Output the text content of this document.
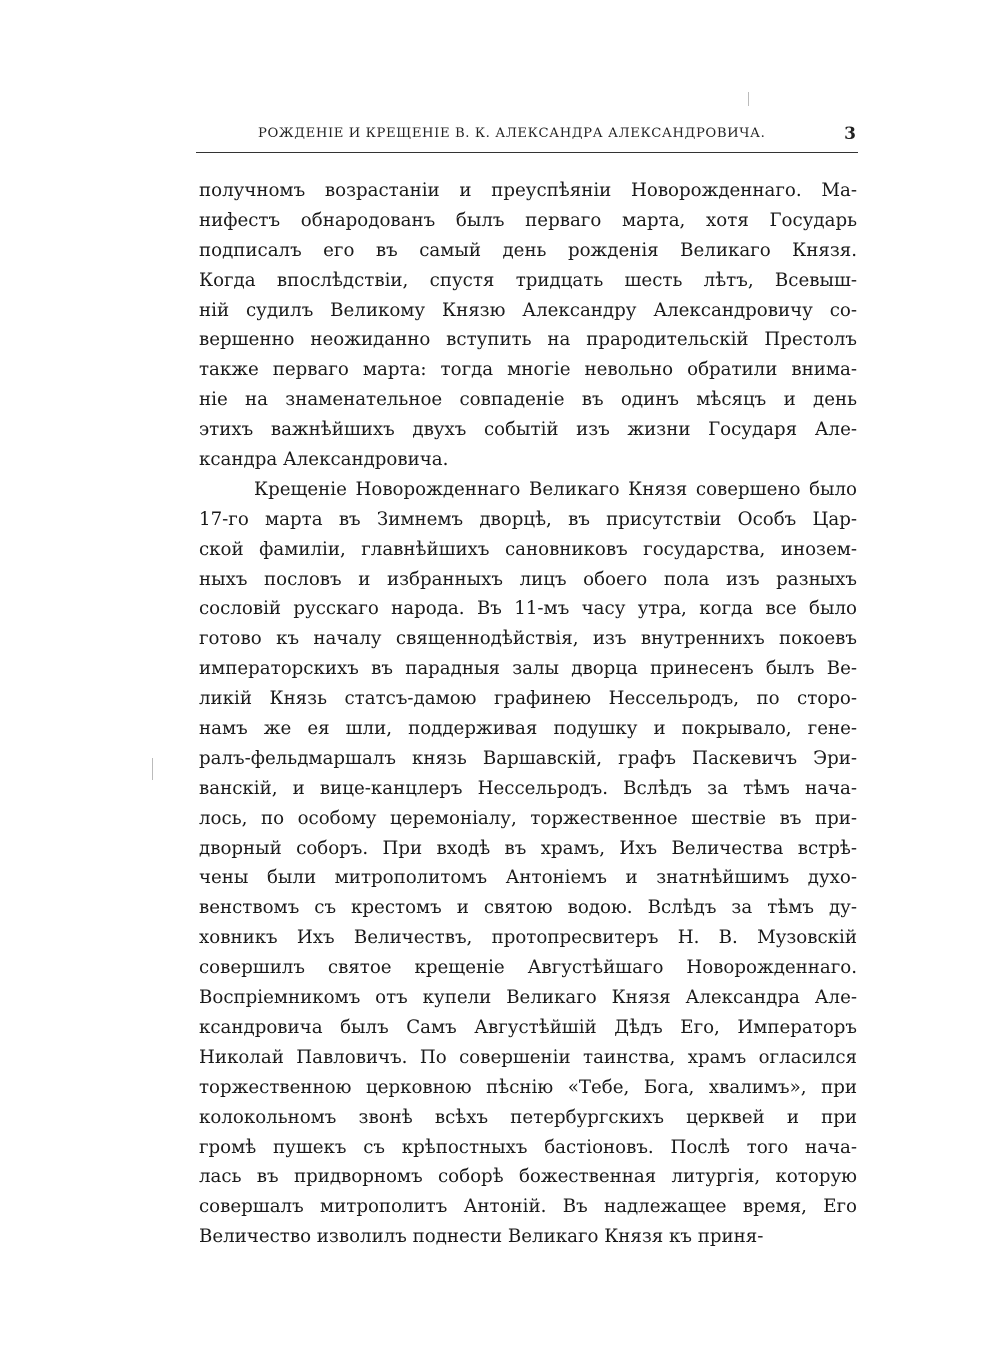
РОЖДЕНIЕ И КРЕЩЕНIЕ В. К. АЛЕКСАНДРА АЛЕКСАНДРОВИЧА.	3
получномъ возрастанiи и преуспѣянiи Новорожденнаго. Ма-
нифестъ обнародованъ былъ перваго марта, хотя Государь
подписалъ его въ самый день рожденiя Великаго Князя.
Когда впослѣдствiи, спустя тридцать шесть лѣтъ, Всевыш-
нiй судилъ Великому Князю Александру Александровичу со-
вершенно неожиданно вступить на прародительскiй Престолъ
также перваго марта: тогда многiе невольно обратили внима-
нiе на знаменательное совпаденiе въ одинъ мѣсяцъ и день
этихъ важнѣйшихъ двухъ событiй изъ жизни Государя Але-
ксандра Александровича.
Крещенiе Новорожденнаго Великаго Князя совершено было
17-го марта въ Зимнемъ дворцѣ, въ присутствiи Особъ Цар-
ской фамилiи, главнѣйшихъ сановниковъ государства, инозем-
ныхъ пословъ и избранныхъ лицъ обоего пола изъ разныхъ
сословiй русскаго народа. Въ 11-мъ часу утра, когда все было
готово къ началу священнодѣйствiя, изъ внутреннихъ покоевъ
императорскихъ въ парадныя залы дворца принесенъ былъ Ве-
ликiй Князь статсъ-дамою графинею Нессельродъ, по сторо-
намъ же ея шли, поддерживая подушку и покрывало, гене-
ралъ-фельдмаршалъ князь Варшавскiй, графъ Паскевичъ Эри-
ванскiй, и вице-канцлеръ Нессельродъ. Вслѣдъ за тѣмъ нача-
лось, по особому церемонiалу, торжественное шествiе въ при-
дворный соборъ. При входѣ въ храмъ, Ихъ Величества встрѣ-
чены были митрополитомъ Антонiемъ и знатнѣйшимъ духо-
венствомъ съ крестомъ и святою водою. Вслѣдъ за тѣмъ ду-
ховникъ Ихъ Величествъ, протопресвитеръ Н. В. Музовскiй
совершилъ святое крещенiе Августѣйшаго Новорожденнаго.
Воспрiемникомъ отъ купели Великаго Князя Александра Але-
ксандровича былъ Самъ Августѣйшiй Дѣдъ Его, Императоръ
Николай Павловичъ. По совершенiи таинства, храмъ огласился
торжественною церковною пѣснiю «Тебе, Бога, хвалимъ», при
колокольномъ звонѣ всѣхъ петербургскихъ церквей и при
громѣ пушекъ съ крѣпостныхъ бастiоновъ. Послѣ того нача-
лась въ придворномъ соборѣ божественная литургiя, которую
совершалъ митрополитъ Антонiй. Въ надлежащее время, Его
Величество изволилъ поднести Великаго Князя къ приня-
